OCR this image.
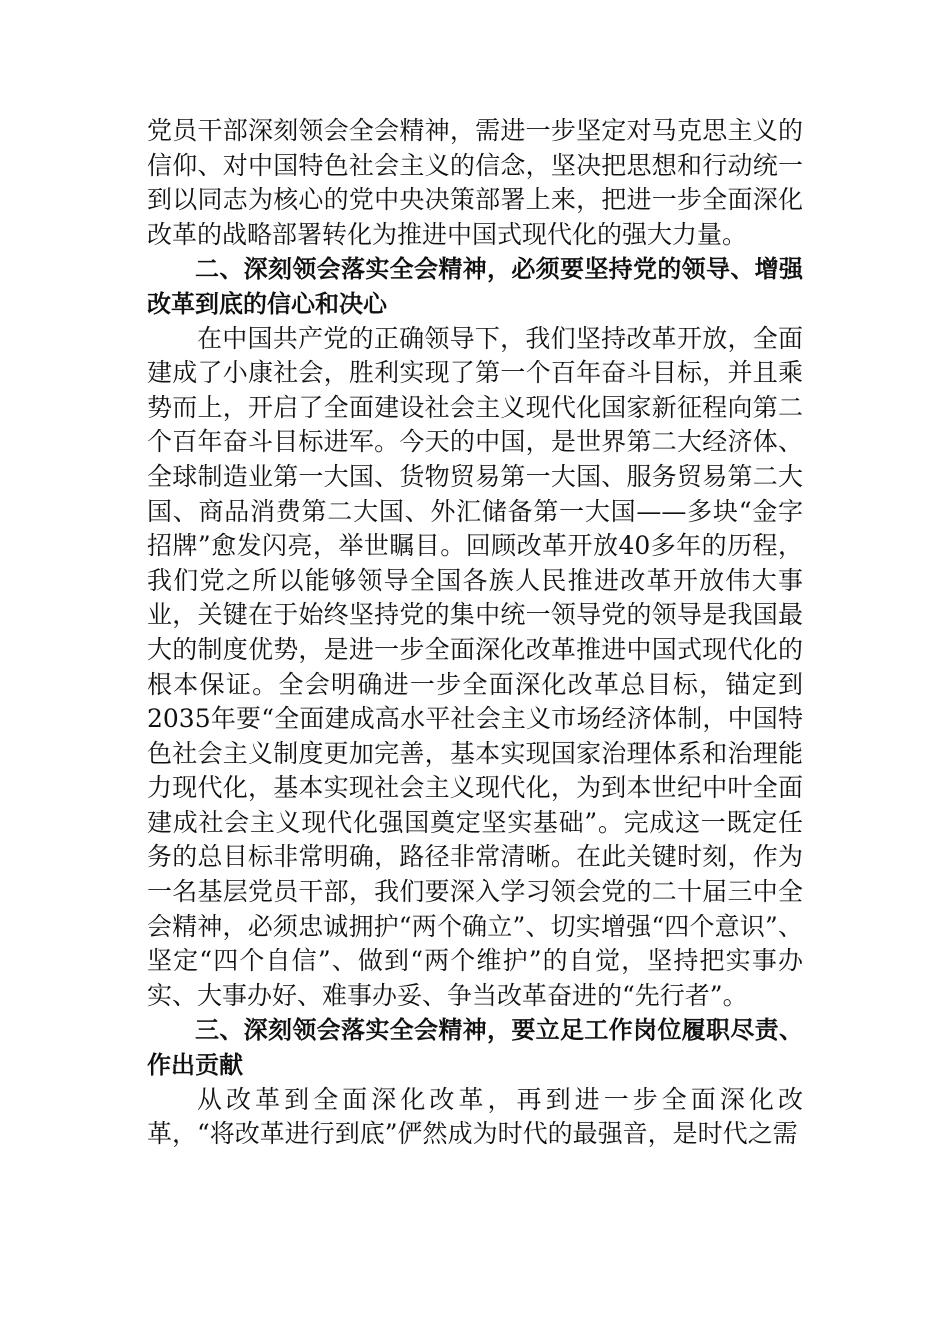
党员干部深刻领会全会精神，需进一步坚定对马克思主义的信仰、对中国特色社会主义的信念，坚决把思想和行动统一到以同志为核心的党中央决策部署上来，把进一步全面深化改革的战略部署转化为推进中国式现代化的强大力量。

二、深刻领会落实全会精神，必须要坚持党的领导、增强改革到底的信心和决心

在中国共产党的正确领导下，我们坚持改革开放，全面建成了小康社会，胜利实现了第一个百年奋斗目标，并且乘势而上，开启了全面建设社会主义现代化国家新征程向第二个百年奋斗目标进军。今天的中国，是世界第二大经济体、全球制造业第一大国、货物贸易第一大国、服务贸易第二大国、商品消费第二大国、外汇储备第一大国——多块“金字招牌”愈发闪亮，举世瞩目。回顾改革开放40多年的历程，我们党之所以能够领导全国各族人民推进改革开放伟大事业，关键在于始终坚持党的集中统一领导党的领导是我国最大的制度优势，是进一步全面深化改革推进中国式现代化的根本保证。全会明确进一步全面深化改革总目标，锚定到2035年要“全面建成高水平社会主义市场经济体制，中国特色社会主义制度更加完善，基本实现国家治理体系和治理能力现代化，基本实现社会主义现代化，为到本世纪中叶全面建成社会主义现代化强国奠定坚实基础”。完成这一既定任务的总目标非常明确，路径非常清晰。在此关键时刻，作为一名基层党员干部，我们要深入学习领会党的二十届三中全会精神，必须忠诚拥护“两个确立”、切实增强“四个意识”、坚定“四个自信”、做到“两个维护”的自觉，坚持把实事办实、大事办好、难事办妥、争当改革奋进的“先行者”。

三、深刻领会落实全会精神，要立足工作岗位履职尽责、作出贡献

从改革到全面深化改革，再到进一步全面深化改革，“将改革进行到底”俨然成为时代的最强音，是时代之需
